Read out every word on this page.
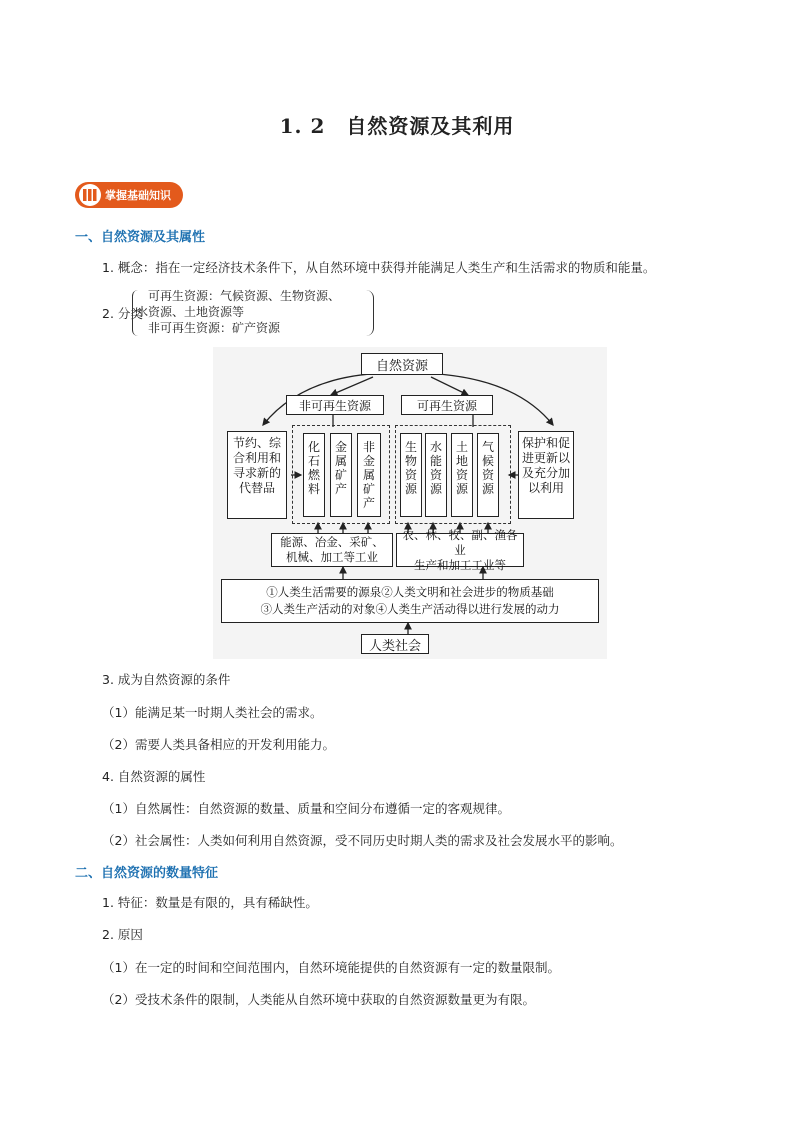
1. 2　自然资源及其利用
掌握基础知识
一、自然资源及其属性
1. 概念：指在一定经济技术条件下，从自然环境中获得并能满足人类生产和生活需求的物质和能量。
2. 分类
可再生资源：气候资源、生物资源、
水资源、土地资源等
非可再生资源：矿产资源
自然资源
非可再生资源	可再生资源
节约、综合利用和寻求新的代替品
化石燃料
金属矿产
非金属矿产
生物资源
水能资源
土地资源
气候资源
保护和促进更新以及充分加以利用
能源、冶金、采矿、
机械、加工等工业
农、林、牧、副、渔各业
生产和加工工业等
①人类生活需要的源泉②人类文明和社会进步的物质基础
③人类生产活动的对象④人类生产活动得以进行发展的动力
人类社会
3. 成为自然资源的条件
（1）能满足某一时期人类社会的需求。
（2）需要人类具备相应的开发利用能力。
4. 自然资源的属性
（1）自然属性：自然资源的数量、质量和空间分布遵循一定的客观规律。
（2）社会属性：人类如何利用自然资源，受不同历史时期人类的需求及社会发展水平的影响。
二、自然资源的数量特征
1. 特征：数量是有限的，具有稀缺性。
2. 原因
（1）在一定的时间和空间范围内，自然环境能提供的自然资源有一定的数量限制。
（2）受技术条件的限制，人类能从自然环境中获取的自然资源数量更为有限。
